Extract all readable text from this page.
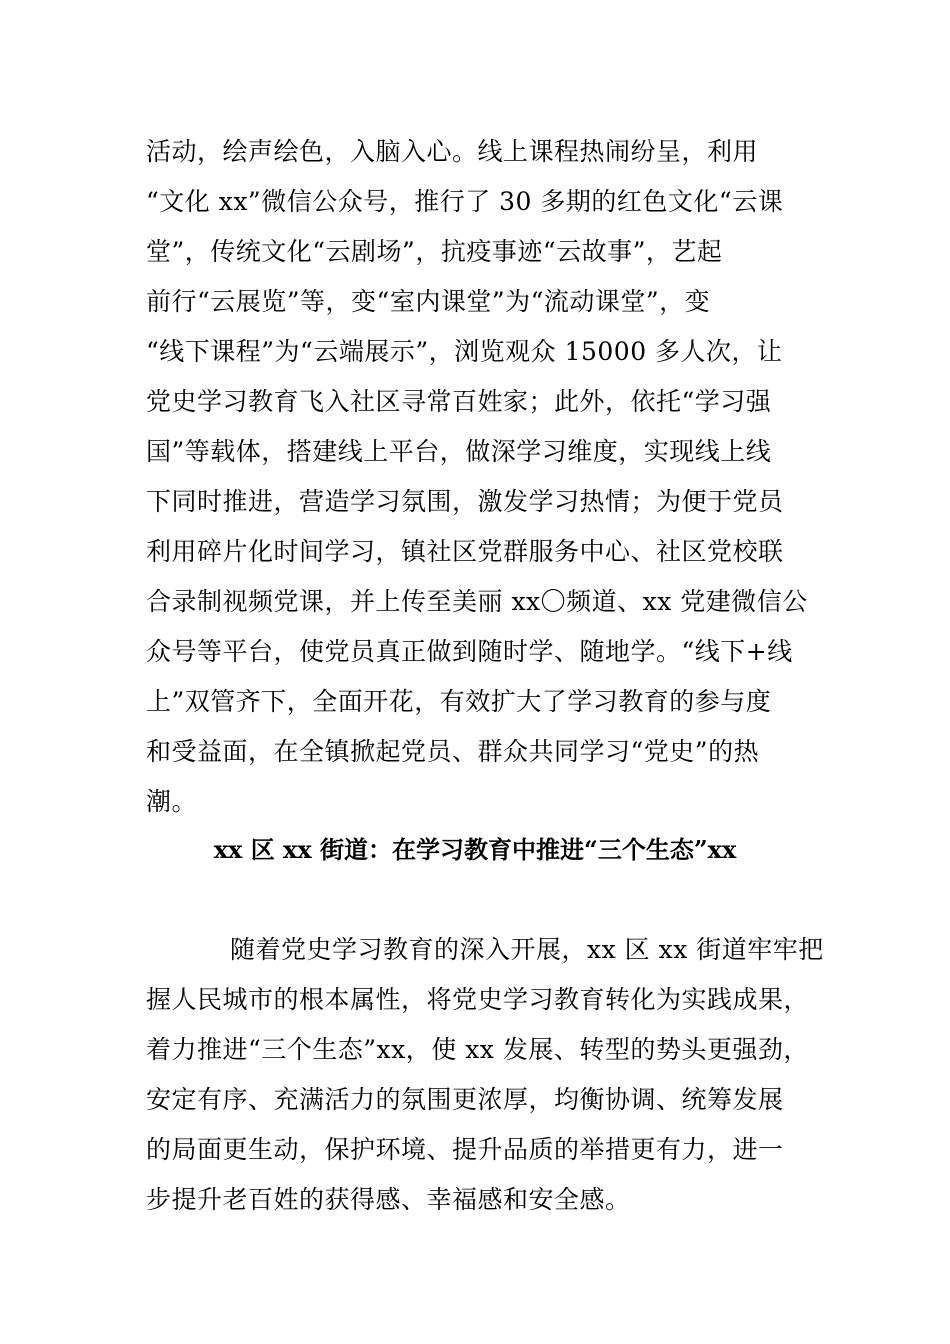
活动，绘声绘色，入脑入心。线上课程热闹纷呈，利用
“文化 xx”微信公众号，推行了 30 多期的红色文化“云课
堂”，传统文化“云剧场”，抗疫事迹“云故事”，艺起
前行“云展览”等，变“室内课堂”为“流动课堂”，变
“线下课程”为“云端展示”，浏览观众 15000 多人次，让
党史学习教育飞入社区寻常百姓家；此外，依托“学习强
国”等载体，搭建线上平台，做深学习维度，实现线上线
下同时推进，营造学习氛围，激发学习热情；为便于党员
利用碎片化时间学习，镇社区党群服务中心、社区党校联
合录制视频党课，并上传至美丽 xx〇频道、xx 党建微信公
众号等平台，使党员真正做到随时学、随地学。“线下+线
上”双管齐下，全面开花，有效扩大了学习教育的参与度
和受益面，在全镇掀起党员、群众共同学习“党史”的热
潮。
xx 区 xx 街道：在学习教育中推进“三个生态”xx
随着党史学习教育的深入开展，xx 区 xx 街道牢牢把
握人民城市的根本属性，将党史学习教育转化为实践成果，
着力推进“三个生态”xx，使 xx 发展、转型的势头更强劲，
安定有序、充满活力的氛围更浓厚，均衡协调、统筹发展
的局面更生动，保护环境、提升品质的举措更有力，进一
步提升老百姓的获得感、幸福感和安全感。
